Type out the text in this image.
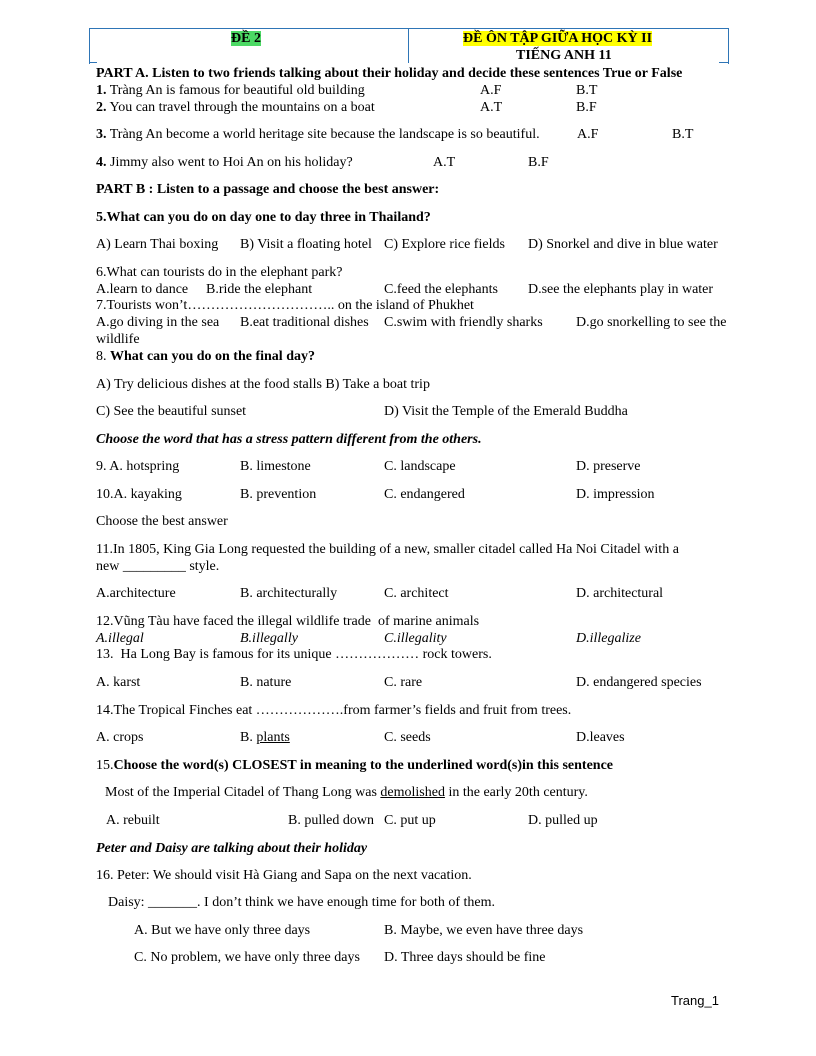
ĐỀ 2	ĐỀ ÔN TẬP GIỮA HỌC KỲ II
TIẾNG ANH 11
PART A. Listen to two friends talking about their holiday and decide these sentences True or False
1. Tràng An is famous for beautiful old building	A.F	B.T
2. You can travel through the mountains on a boat	A.T	B.F
3. Tràng An become a world heritage site because the landscape is so beautiful.	A.F	B.T
4. Jimmy also went to Hoi An on his holiday?	A.T	B.F
PART B : Listen to a passage and choose the best answer:
5.What can you do on day one to day three in Thailand?
A) Learn Thai boxing B) Visit a floating hotel C) Explore rice fields D) Snorkel and dive in blue water
6.What can tourists do in the elephant park?
A.learn to dance B.ride the elephant	C.feed the elephants D.see the elephants play in water
7.Tourists won’t………………………….. on the island of Phukhet
A.go diving in the sea B.eat traditional dishes C.swim with friendly sharks D.go snorkelling to see the
wildlife
8. What can you do on the final day?
A) Try delicious dishes at the food stalls B) Take a boat trip
C) See the beautiful sunset	D) Visit the Temple of the Emerald Buddha
Choose the word that has a stress pattern different from the others.
9. A. hotspring	B. limestone	C. landscape	D. preserve
10.A. kayaking	B. prevention	C. endangered	D. impression
Choose the best answer
11.In 1805, King Gia Long requested the building of a new, smaller citadel called Ha Noi Citadel with a
new _________ style.
A.architecture	B. architecturally	C. architect	D. architectural
12.Vũng Tàu have faced the illegal wildlife trade  of marine animals
A.illegal	B.illegally	C.illegality	D.illegalize
13.  Ha Long Bay is famous for its unique ……………… rock towers.
A. karst	B. nature	C. rare	D. endangered species
14.The Tropical Finches eat ……………….from farmer’s fields and fruit from trees.
A. crops	B. plants	C. seeds	D.leaves
15.Choose the word(s) CLOSEST in meaning to the underlined word(s)in this sentence
Most of the Imperial Citadel of Thang Long was demolished in the early 20th century.
A. rebuilt	B. pulled down C. put up	D. pulled up
Peter and Daisy are talking about their holiday
16. Peter: We should visit Hà Giang and Sapa on the next vacation.
Daisy: _______. I don’t think we have enough time for both of them.
A. But we have only three days	B. Maybe, we even have three days
C. No problem, we have only three days D. Three days should be fine
Trang_1
